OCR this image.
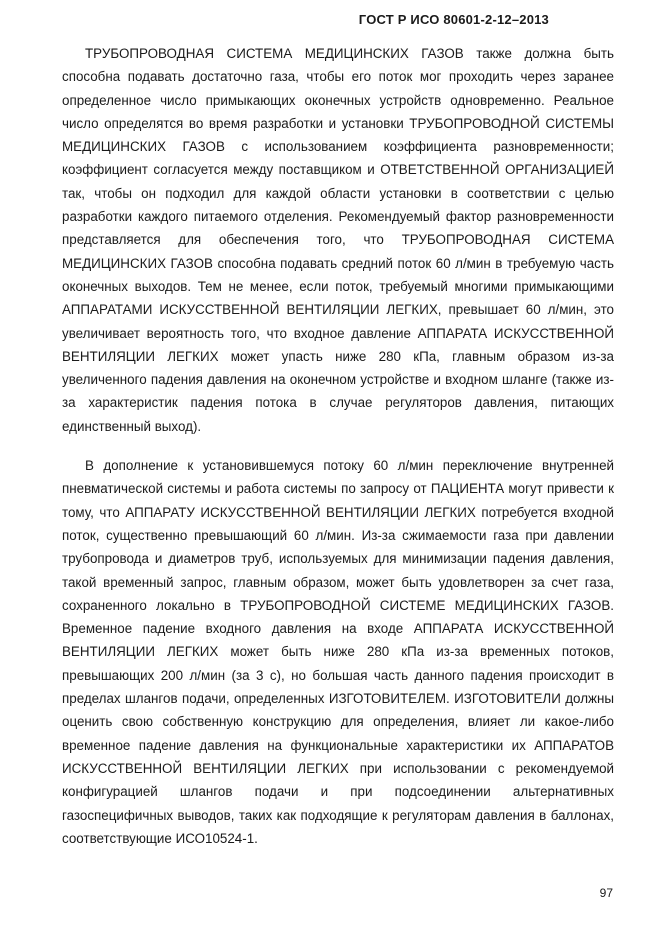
ГОСТ Р ИСО 80601-2-12–2013

ТРУБОПРОВОДНАЯ СИСТЕМА МЕДИЦИНСКИХ ГАЗОВ также должна быть способна подавать достаточно газа, чтобы его поток мог проходить через заранее определенное число примыкающих оконечных устройств одновременно. Реальное число определятся во время разработки и установки ТРУБОПРОВОДНОЙ СИСТЕМЫ МЕДИЦИНСКИХ ГАЗОВ с использованием коэффициента разновременности; коэффициент согласуется между поставщиком и ОТВЕТСТВЕННОЙ ОРГАНИЗАЦИЕЙ так, чтобы он подходил для каждой области установки в соответствии с целью разработки каждого питаемого отделения. Рекомендуемый фактор разновременности представляется для обеспечения того, что ТРУБОПРОВОДНАЯ СИСТЕМА МЕДИЦИНСКИХ ГАЗОВ способна подавать средний поток 60 л/мин в требуемую часть оконечных выходов. Тем не менее, если поток, требуемый многими примыкающими АППАРАТАМИ ИСКУССТВЕННОЙ ВЕНТИЛЯЦИИ ЛЕГКИХ, превышает 60 л/мин, это увеличивает вероятность того, что входное давление АППАРАТА ИСКУССТВЕННОЙ ВЕНТИЛЯЦИИ ЛЕГКИХ может упасть ниже 280 кПа, главным образом из-за увеличенного падения давления на оконечном устройстве и входном шланге (также из-за характеристик падения потока в случае регуляторов давления, питающих единственный выход).

В дополнение к установившемуся потоку 60 л/мин переключение внутренней пневматической системы и работа системы по запросу от ПАЦИЕНТА могут привести к тому, что АППАРАТУ ИСКУССТВЕННОЙ ВЕНТИЛЯЦИИ ЛЕГКИХ потребуется входной поток, существенно превышающий 60 л/мин. Из-за сжимаемости газа при давлении трубопровода и диаметров труб, используемых для минимизации падения давления, такой временный запрос, главным образом, может быть удовлетворен за счет газа, сохраненного локально в ТРУБОПРОВОДНОЙ СИСТЕМЕ МЕДИЦИНСКИХ ГАЗОВ. Временное падение входного давления на входе АППАРАТА ИСКУССТВЕННОЙ ВЕНТИЛЯЦИИ ЛЕГКИХ может быть ниже 280 кПа из-за временных потоков, превышающих 200 л/мин (за 3 с), но большая часть данного падения происходит в пределах шлангов подачи, определенных ИЗГОТОВИТЕЛЕМ. ИЗГОТОВИТЕЛИ должны оценить свою собственную конструкцию для определения, влияет ли какое-либо временное падение давления на функциональные характеристики их АППАРАТОВ ИСКУССТВЕННОЙ ВЕНТИЛЯЦИИ ЛЕГКИХ при использовании с рекомендуемой конфигурацией шлангов подачи и при подсоединении альтернативных газоспецифичных выводов, таких как подходящие к регуляторам давления в баллонах, соответствующие ИСО10524-1.

97
